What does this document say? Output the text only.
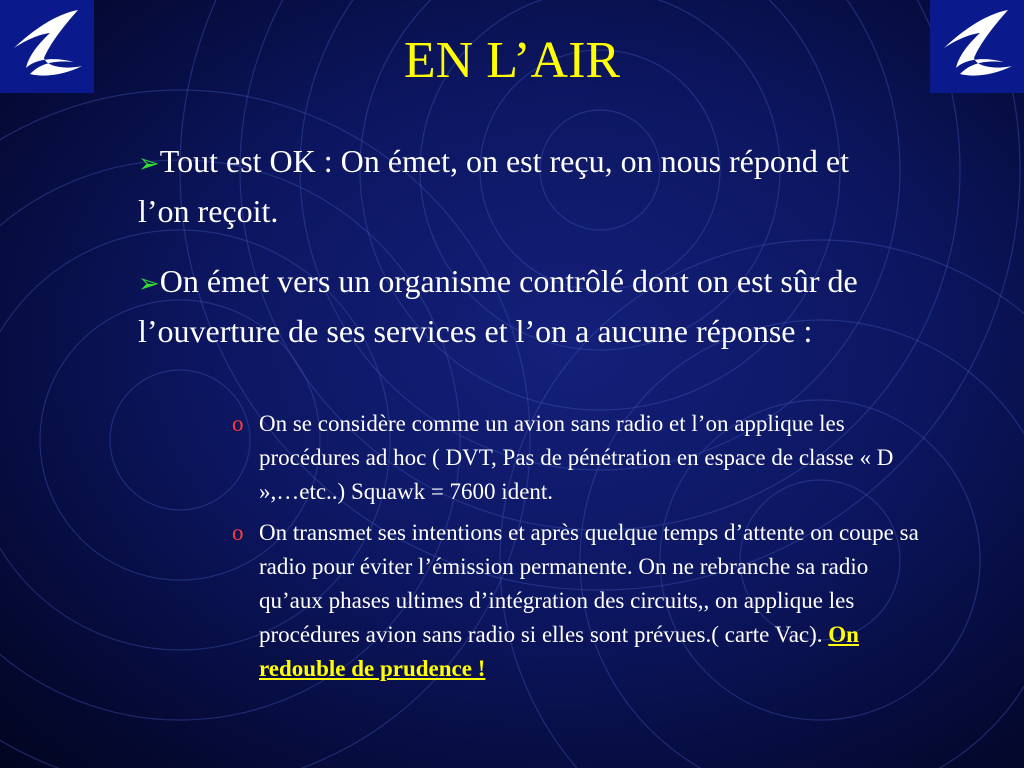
EN L’AIR
➢Tout est OK : On émet, on est reçu, on nous répond et l’on reçoit.
➢On émet vers un organisme contrôlé dont on est sûr de l’ouverture de ses services et l’on a aucune réponse :
o On se considère comme un avion sans radio et l’on applique les procédures ad hoc ( DVT, Pas de pénétration en espace de classe « D »,…etc..) Squawk = 7600 ident.
o On transmet ses intentions et après quelque temps d’attente on coupe sa radio pour éviter l’émission permanente. On ne rebranche sa radio qu’aux phases ultimes d’intégration des circuits,, on applique les procédures avion sans radio si elles sont prévues.( carte Vac). On redouble de prudence !
